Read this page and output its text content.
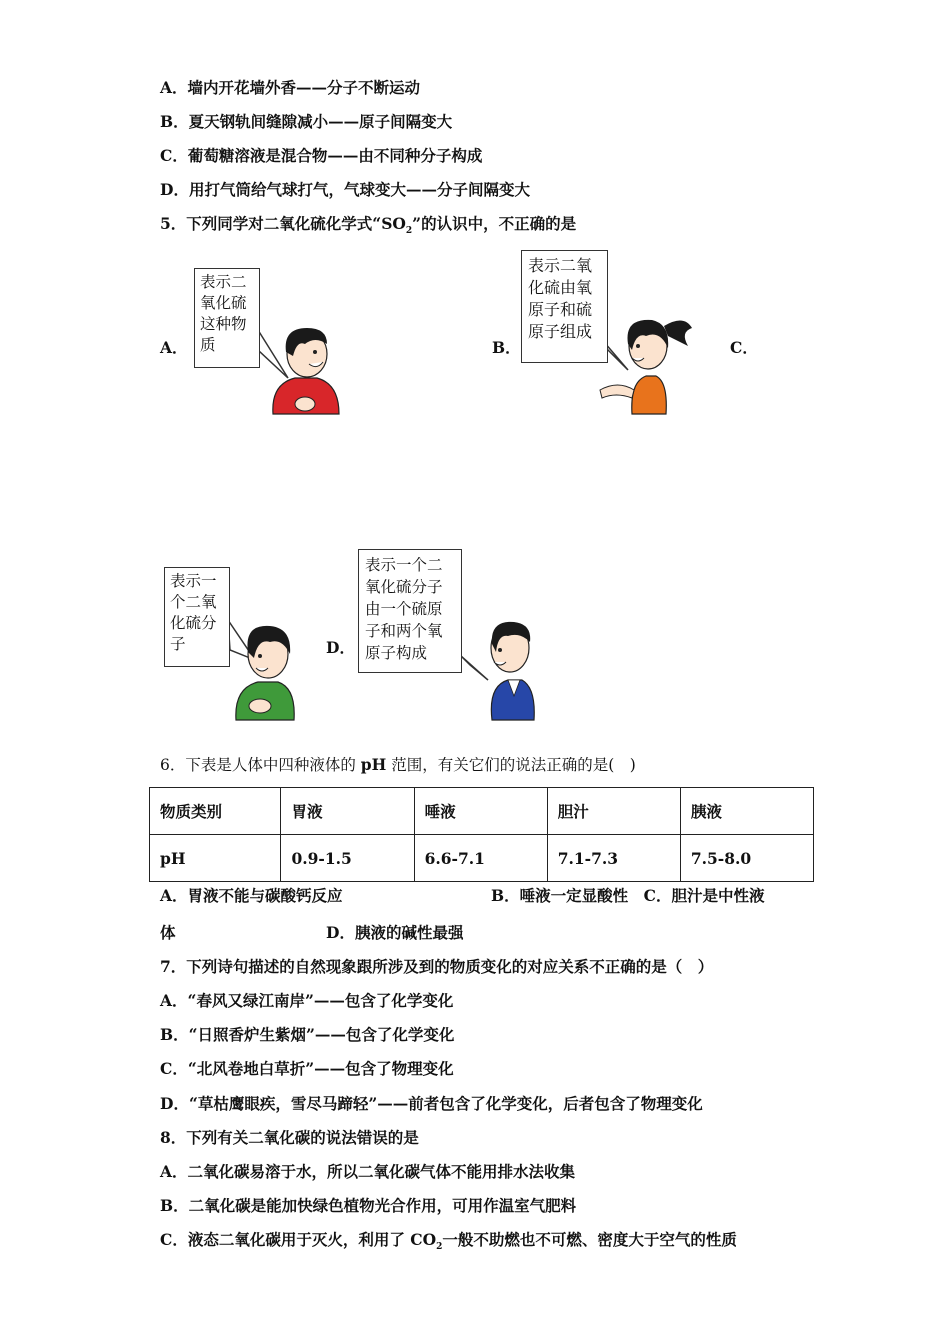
A．墙内开花墙外香——分子不断运动
B．夏天钢轨间缝隙减小——原子间隔变大
C．葡萄糖溶液是混合物——由不同种分子构成
D．用打气筒给气球打气，气球变大——分子间隔变大
5．下列同学对二氧化硫化学式“$SO_2$”的认识中，不正确的是
A．	B．	C．
D．
表示二
氧化硫
这种物
质
表示二氧
化硫由氧
原子和硫
原子组成
表示一
个二氧
化硫分
子
表示一个二
氧化硫分子
由一个硫原
子和两个氧
原子构成
6．下表是人体中四种液体的 pH 范围，有关它们的说法正确的是(　)
物质类别	胃液	唾液	胆汁	胰液
pH	0.9-1.5	6.6-7.1	7.1-7.3	7.5-8.0
A．胃液不能与碳酸钙反应	B．唾液一定显酸性　C．胆汁是中性液
体	D．胰液的碱性最强
7．下列诗句描述的自然现象跟所涉及到的物质变化的对应关系不正确的是（　）
A．“春风又绿江南岸”——包含了化学变化
B．“日照香炉生紫烟”——包含了化学变化
C．“北风卷地白草折”——包含了物理变化
D．“草枯鹰眼疾，雪尽马蹄轻”——前者包含了化学变化，后者包含了物理变化
8．下列有关二氧化碳的说法错误的是
A．二氧化碳易溶于水，所以二氧化碳气体不能用排水法收集
B．二氧化碳是能加快绿色植物光合作用，可用作温室气肥料
C．液态二氧化碳用于灭火，利用了 $CO_2$一般不助燃也不可燃、密度大于空气的性质
